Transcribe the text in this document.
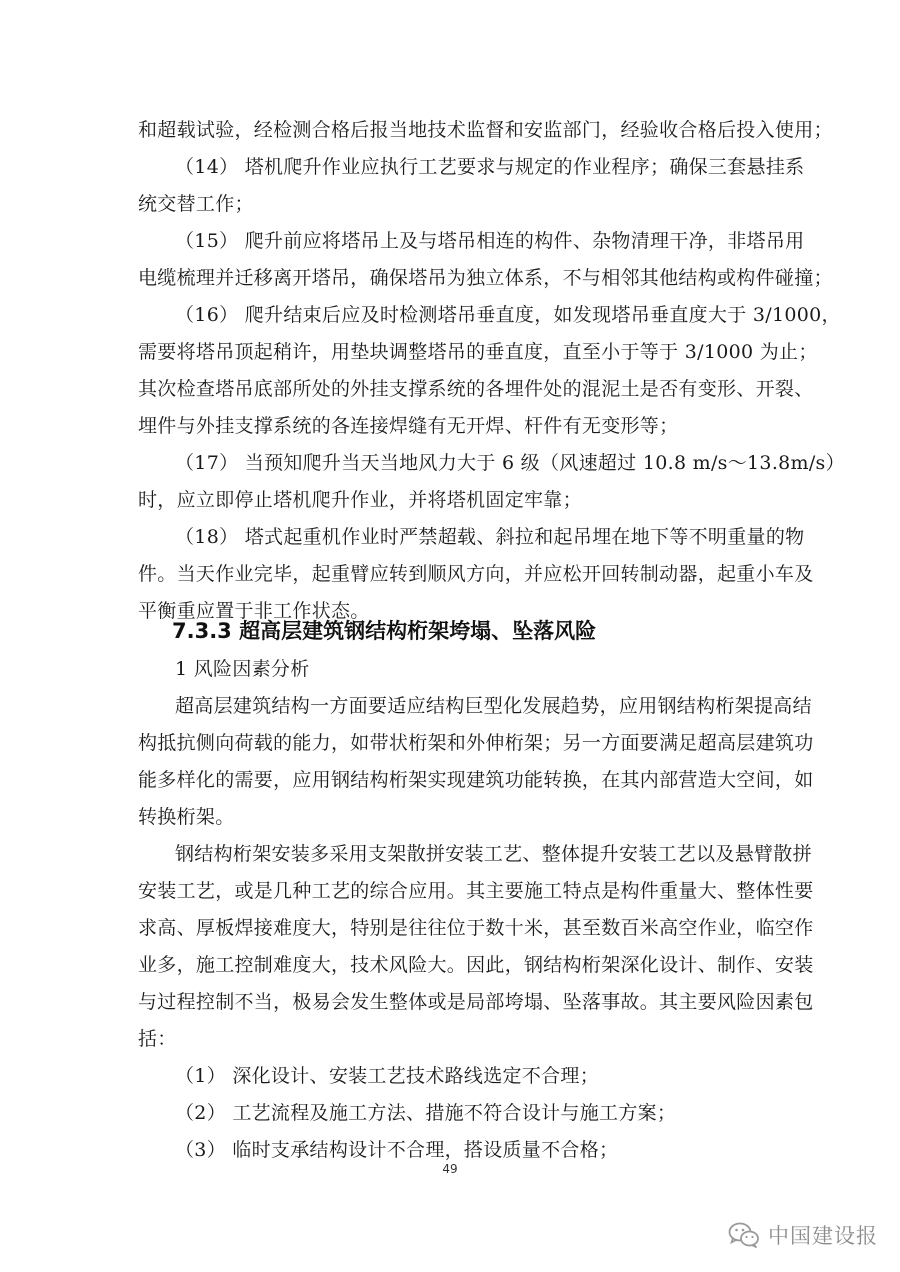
和超载试验，经检测合格后报当地技术监督和安监部门，经验收合格后投入使用；
（14） 塔机爬升作业应执行工艺要求与规定的作业程序；确保三套悬挂系
统交替工作；
（15） 爬升前应将塔吊上及与塔吊相连的构件、杂物清理干净，非塔吊用
电缆梳理并迁移离开塔吊，确保塔吊为独立体系，不与相邻其他结构或构件碰撞；
（16） 爬升结束后应及时检测塔吊垂直度，如发现塔吊垂直度大于 3/1000，
需要将塔吊顶起稍许，用垫块调整塔吊的垂直度，直至小于等于 3/1000 为止；
其次检查塔吊底部所处的外挂支撑系统的各埋件处的混泥土是否有变形、开裂、
埋件与外挂支撑系统的各连接焊缝有无开焊、杆件有无变形等；
（17） 当预知爬升当天当地风力大于 6 级（风速超过 10.8 m/s～13.8m/s）
时，应立即停止塔机爬升作业，并将塔机固定牢靠；
（18） 塔式起重机作业时严禁超载、斜拉和起吊埋在地下等不明重量的物
件。当天作业完毕，起重臂应转到顺风方向，并应松开回转制动器，起重小车及
平衡重应置于非工作状态。
7.3.3 超高层建筑钢结构桁架垮塌、坠落风险
1 风险因素分析
超高层建筑结构一方面要适应结构巨型化发展趋势，应用钢结构桁架提高结
构抵抗侧向荷载的能力，如带状桁架和外伸桁架；另一方面要满足超高层建筑功
能多样化的需要，应用钢结构桁架实现建筑功能转换，在其内部营造大空间，如
转换桁架。
钢结构桁架安装多采用支架散拼安装工艺、整体提升安装工艺以及悬臂散拼
安装工艺，或是几种工艺的综合应用。其主要施工特点是构件重量大、整体性要
求高、厚板焊接难度大，特别是往往位于数十米，甚至数百米高空作业，临空作
业多，施工控制难度大，技术风险大。因此，钢结构桁架深化设计、制作、安装
与过程控制不当，极易会发生整体或是局部垮塌、坠落事故。其主要风险因素包
括：
（1） 深化设计、安装工艺技术路线选定不合理；
（2） 工艺流程及施工方法、措施不符合设计与施工方案；
（3） 临时支承结构设计不合理，搭设质量不合格；
49
中国建设报
